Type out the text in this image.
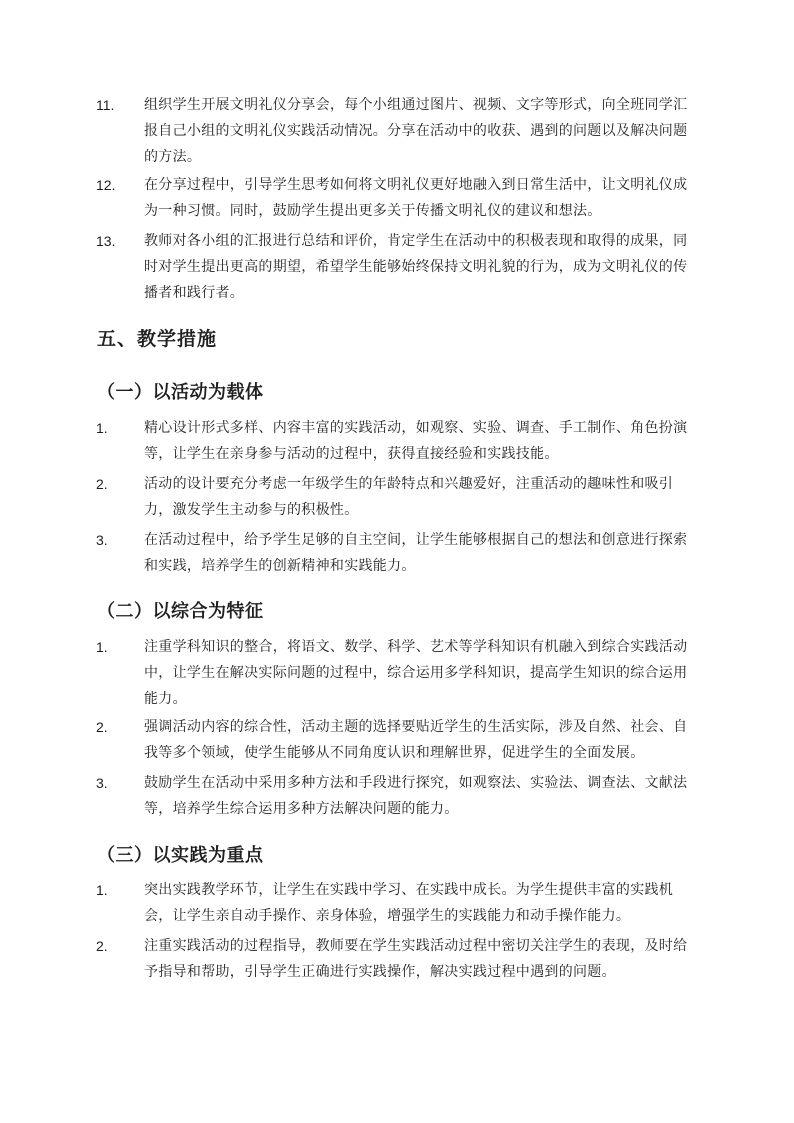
11. 组织学生开展文明礼仪分享会，每个小组通过图片、视频、文字等形式，向全班同学汇报自己小组的文明礼仪实践活动情况。分享在活动中的收获、遇到的问题以及解决问题的方法。
12. 在分享过程中，引导学生思考如何将文明礼仪更好地融入到日常生活中，让文明礼仪成为一种习惯。同时，鼓励学生提出更多关于传播文明礼仪的建议和想法。
13. 教师对各小组的汇报进行总结和评价，肯定学生在活动中的积极表现和取得的成果，同时对学生提出更高的期望，希望学生能够始终保持文明礼貌的行为，成为文明礼仪的传播者和践行者。
五、教学措施
（一）以活动为载体
1.	精心设计形式多样、内容丰富的实践活动，如观察、实验、调查、手工制作、角色扮演等，让学生在亲身参与活动的过程中，获得直接经验和实践技能。
2.	活动的设计要充分考虑一年级学生的年龄特点和兴趣爱好，注重活动的趣味性和吸引力，激发学生主动参与的积极性。
3.	在活动过程中，给予学生足够的自主空间，让学生能够根据自己的想法和创意进行探索和实践，培养学生的创新精神和实践能力。
（二）以综合为特征
1.	注重学科知识的整合，将语文、数学、科学、艺术等学科知识有机融入到综合实践活动中，让学生在解决实际问题的过程中，综合运用多学科知识，提高学生知识的综合运用能力。
2.	强调活动内容的综合性，活动主题的选择要贴近学生的生活实际，涉及自然、社会、自我等多个领域，使学生能够从不同角度认识和理解世界，促进学生的全面发展。
3.	鼓励学生在活动中采用多种方法和手段进行探究，如观察法、实验法、调查法、文献法等，培养学生综合运用多种方法解决问题的能力。
（三）以实践为重点
1.	突出实践教学环节，让学生在实践中学习、在实践中成长。为学生提供丰富的实践机会，让学生亲自动手操作、亲身体验，增强学生的实践能力和动手操作能力。
2.	注重实践活动的过程指导，教师要在学生实践活动过程中密切关注学生的表现，及时给予指导和帮助，引导学生正确进行实践操作，解决实践过程中遇到的问题。
